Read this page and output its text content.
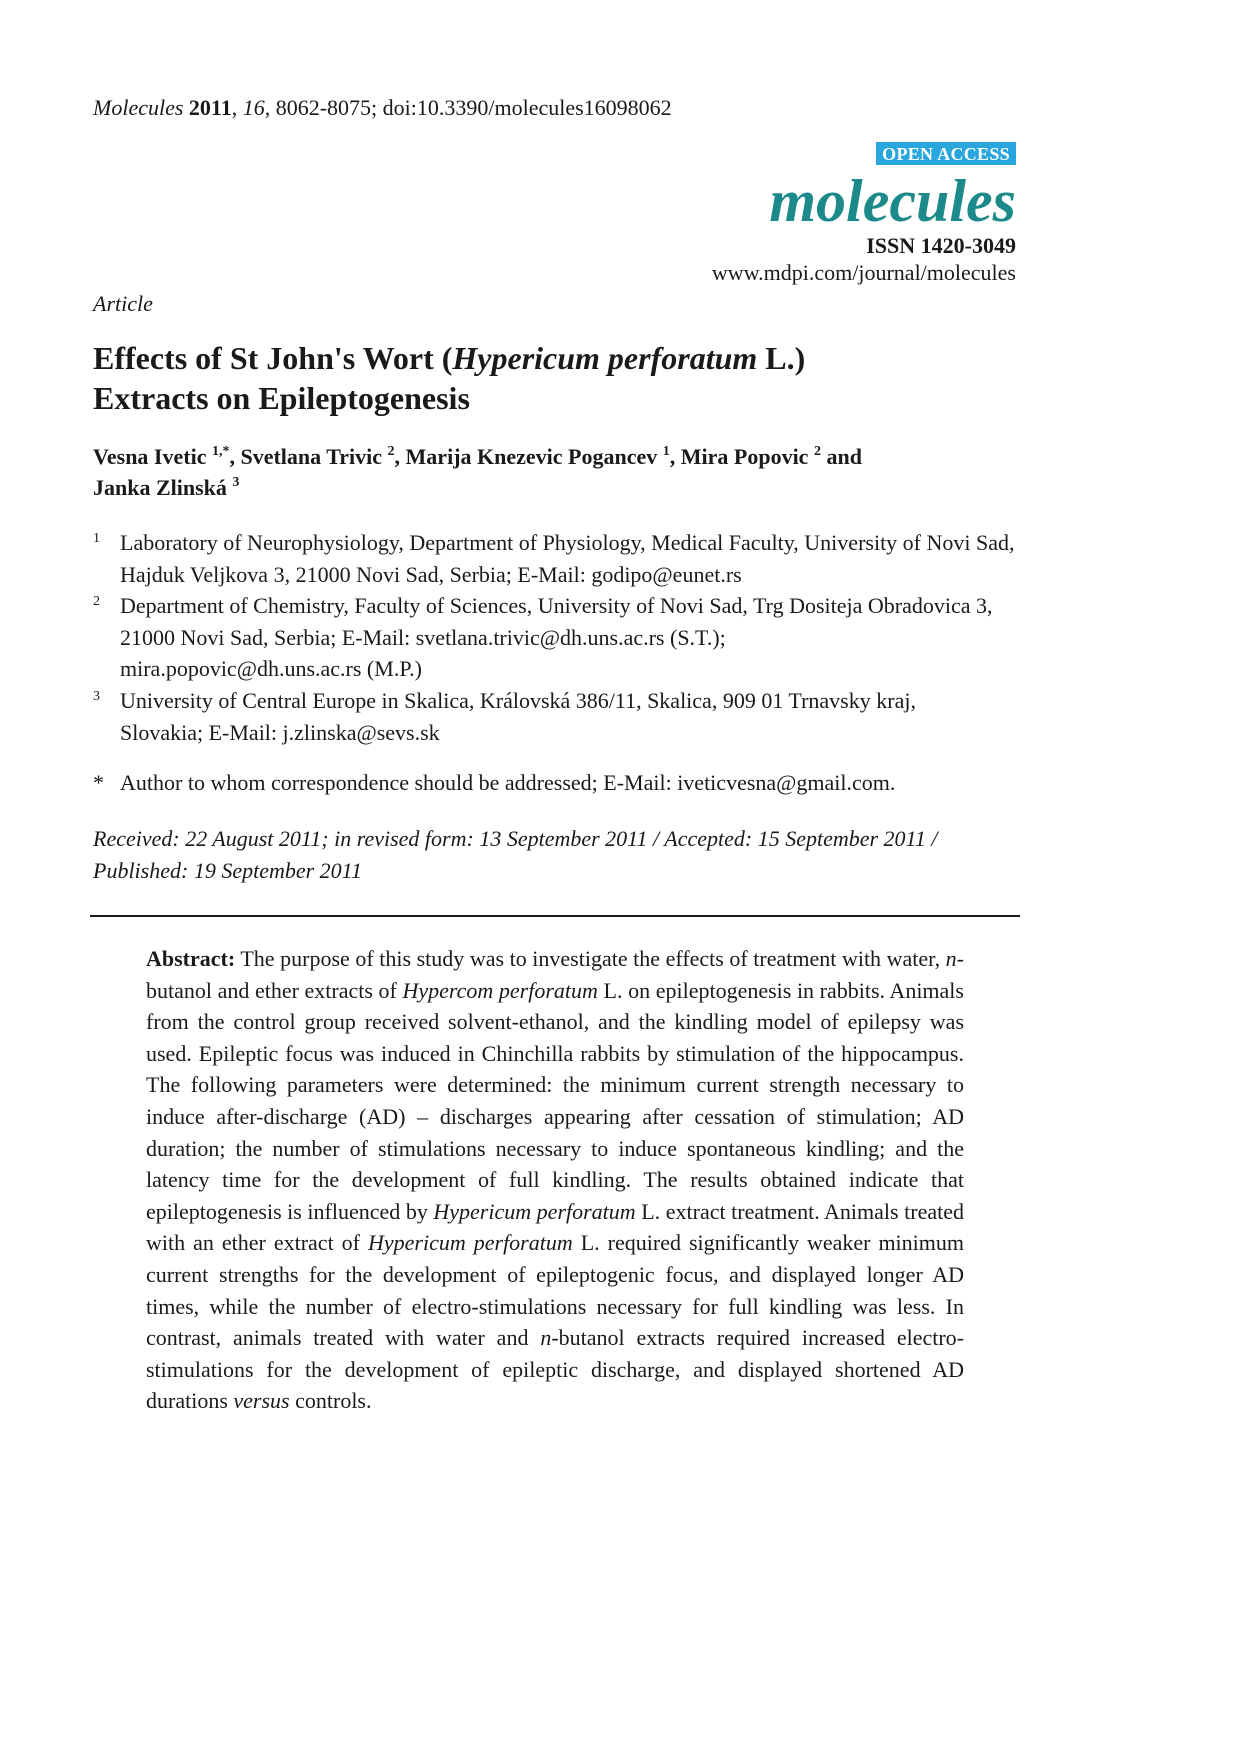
Molecules 2011, 16, 8062-8075; doi:10.3390/molecules16098062
OPEN ACCESS
molecules
ISSN 1420-3049
www.mdpi.com/journal/molecules
Article
Effects of St John's Wort (Hypericum perforatum L.)
Extracts on Epileptogenesis
Vesna Ivetic $^{1,*}$, Svetlana Trivic $^2$, Marija Knezevic Pogancev $^1$, Mira Popovic $^2$ and
Janka Zlinská $^3$
1 Laboratory of Neurophysiology, Department of Physiology, Medical Faculty, University of Novi Sad,
Hajduk Veljkova 3, 21000 Novi Sad, Serbia; E-Mail: godipo@eunet.rs
2 Department of Chemistry, Faculty of Sciences, University of Novi Sad, Trg Dositeja Obradovica 3,
21000 Novi Sad, Serbia; E-Mail: svetlana.trivic@dh.uns.ac.rs (S.T.);
mira.popovic@dh.uns.ac.rs (M.P.)
3 University of Central Europe in Skalica, Královská 386/11, Skalica, 909 01 Trnavsky kraj,
Slovakia; E-Mail: j.zlinska@sevs.sk
* Author to whom correspondence should be addressed; E-Mail: iveticvesna@gmail.com.
Received: 22 August 2011; in revised form: 13 September 2011 / Accepted: 15 September 2011 /
Published: 19 September 2011

Abstract: The purpose of this study was to investigate the effects of treatment with water, n-butanol and ether extracts of Hypercom perforatum L. on epileptogenesis in rabbits. Animals from the control group received solvent-ethanol, and the kindling model of epilepsy was used. Epileptic focus was induced in Chinchilla rabbits by stimulation of the hippocampus. The following parameters were determined: the minimum current strength necessary to induce after-discharge (AD) – discharges appearing after cessation of stimulation; AD duration; the number of stimulations necessary to induce spontaneous kindling; and the latency time for the development of full kindling. The results obtained indicate that epileptogenesis is influenced by Hypericum perforatum L. extract treatment. Animals treated with an ether extract of Hypericum perforatum L. required significantly weaker minimum current strengths for the development of epileptogenic focus, and displayed longer AD times, while the number of electro-stimulations necessary for full kindling was less. In contrast, animals treated with water and n-butanol extracts required increased electro-stimulations for the development of epileptic discharge, and displayed shortened AD durations versus controls.
